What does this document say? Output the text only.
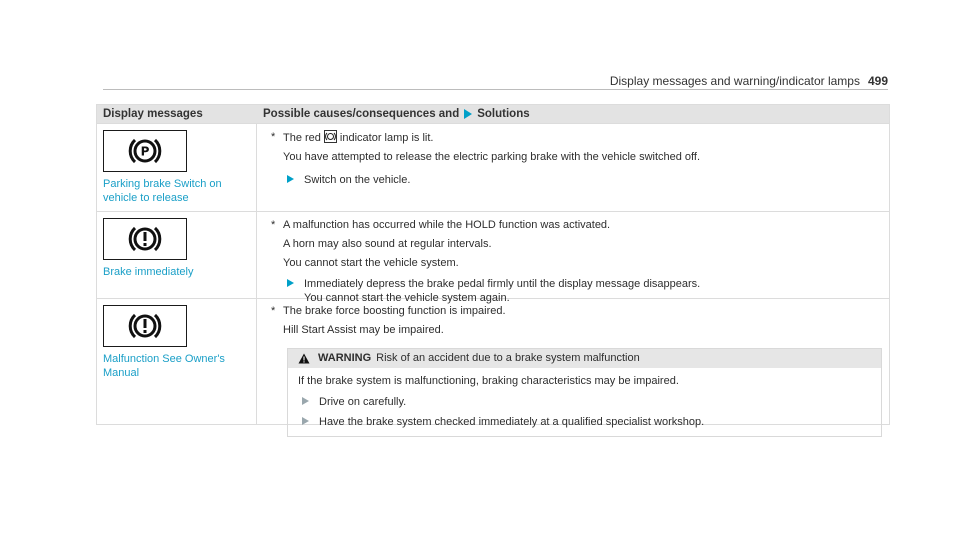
Display messages and warning/indicator lamps 499
Display messages	Possible causes/consequences and Solutions
P
Parking brake Switch on
vehicle to release
* The red indicator lamp is lit.
You have attempted to release the electric parking brake with the vehicle switched off.
Switch on the vehicle.
Brake immediately
* A malfunction has occurred while the HOLD function was activated.
A horn may also sound at regular intervals.
You cannot start the vehicle system.
Immediately depress the brake pedal firmly until the display message disappears.
You cannot start the vehicle system again.
Malfunction See Owner's
Manual
* The brake force boosting function is impaired.
Hill Start Assist may be impaired.
WARNING Risk of an accident due to a brake system malfunction
If the brake system is malfunctioning, braking characteristics may be impaired.
Drive on carefully.
Have the brake system checked immediately at a qualified specialist workshop.
